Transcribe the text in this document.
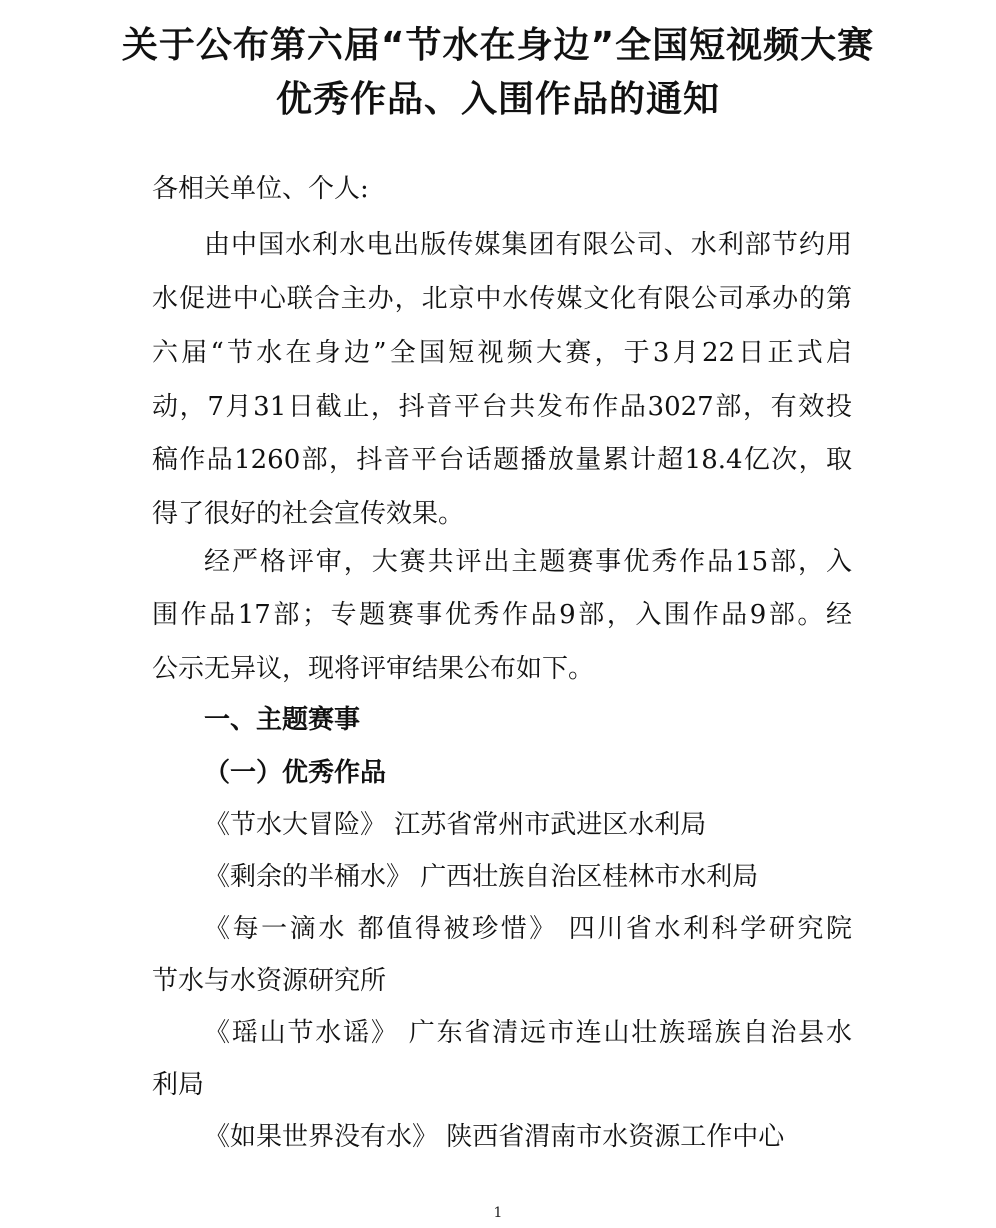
关于公布第六届“节水在身边”全国短视频大赛
优秀作品、入围作品的通知
各相关单位、个人:
由中国水利水电出版传媒集团有限公司、水利部节约用
水促进中心联合主办，北京中水传媒文化有限公司承办的第
六届“节水在身边”全国短视频大赛，于3月22日正式启
动，7月31日截止，抖音平台共发布作品3027部，有效投
稿作品1260部，抖音平台话题播放量累计超18.4亿次，取
得了很好的社会宣传效果。
经严格评审，大赛共评出主题赛事优秀作品15部，入
围作品17部；专题赛事优秀作品9部，入围作品9部。经
公示无异议，现将评审结果公布如下。
一、主题赛事
（一）优秀作品
《节水大冒险》 江苏省常州市武进区水利局
《剩余的半桶水》 广西壮族自治区桂林市水利局
《每一滴水 都值得被珍惜》 四川省水利科学研究院
节水与水资源研究所
《瑶山节水谣》 广东省清远市连山壮族瑶族自治县水
利局
《如果世界没有水》 陕西省渭南市水资源工作中心
1
